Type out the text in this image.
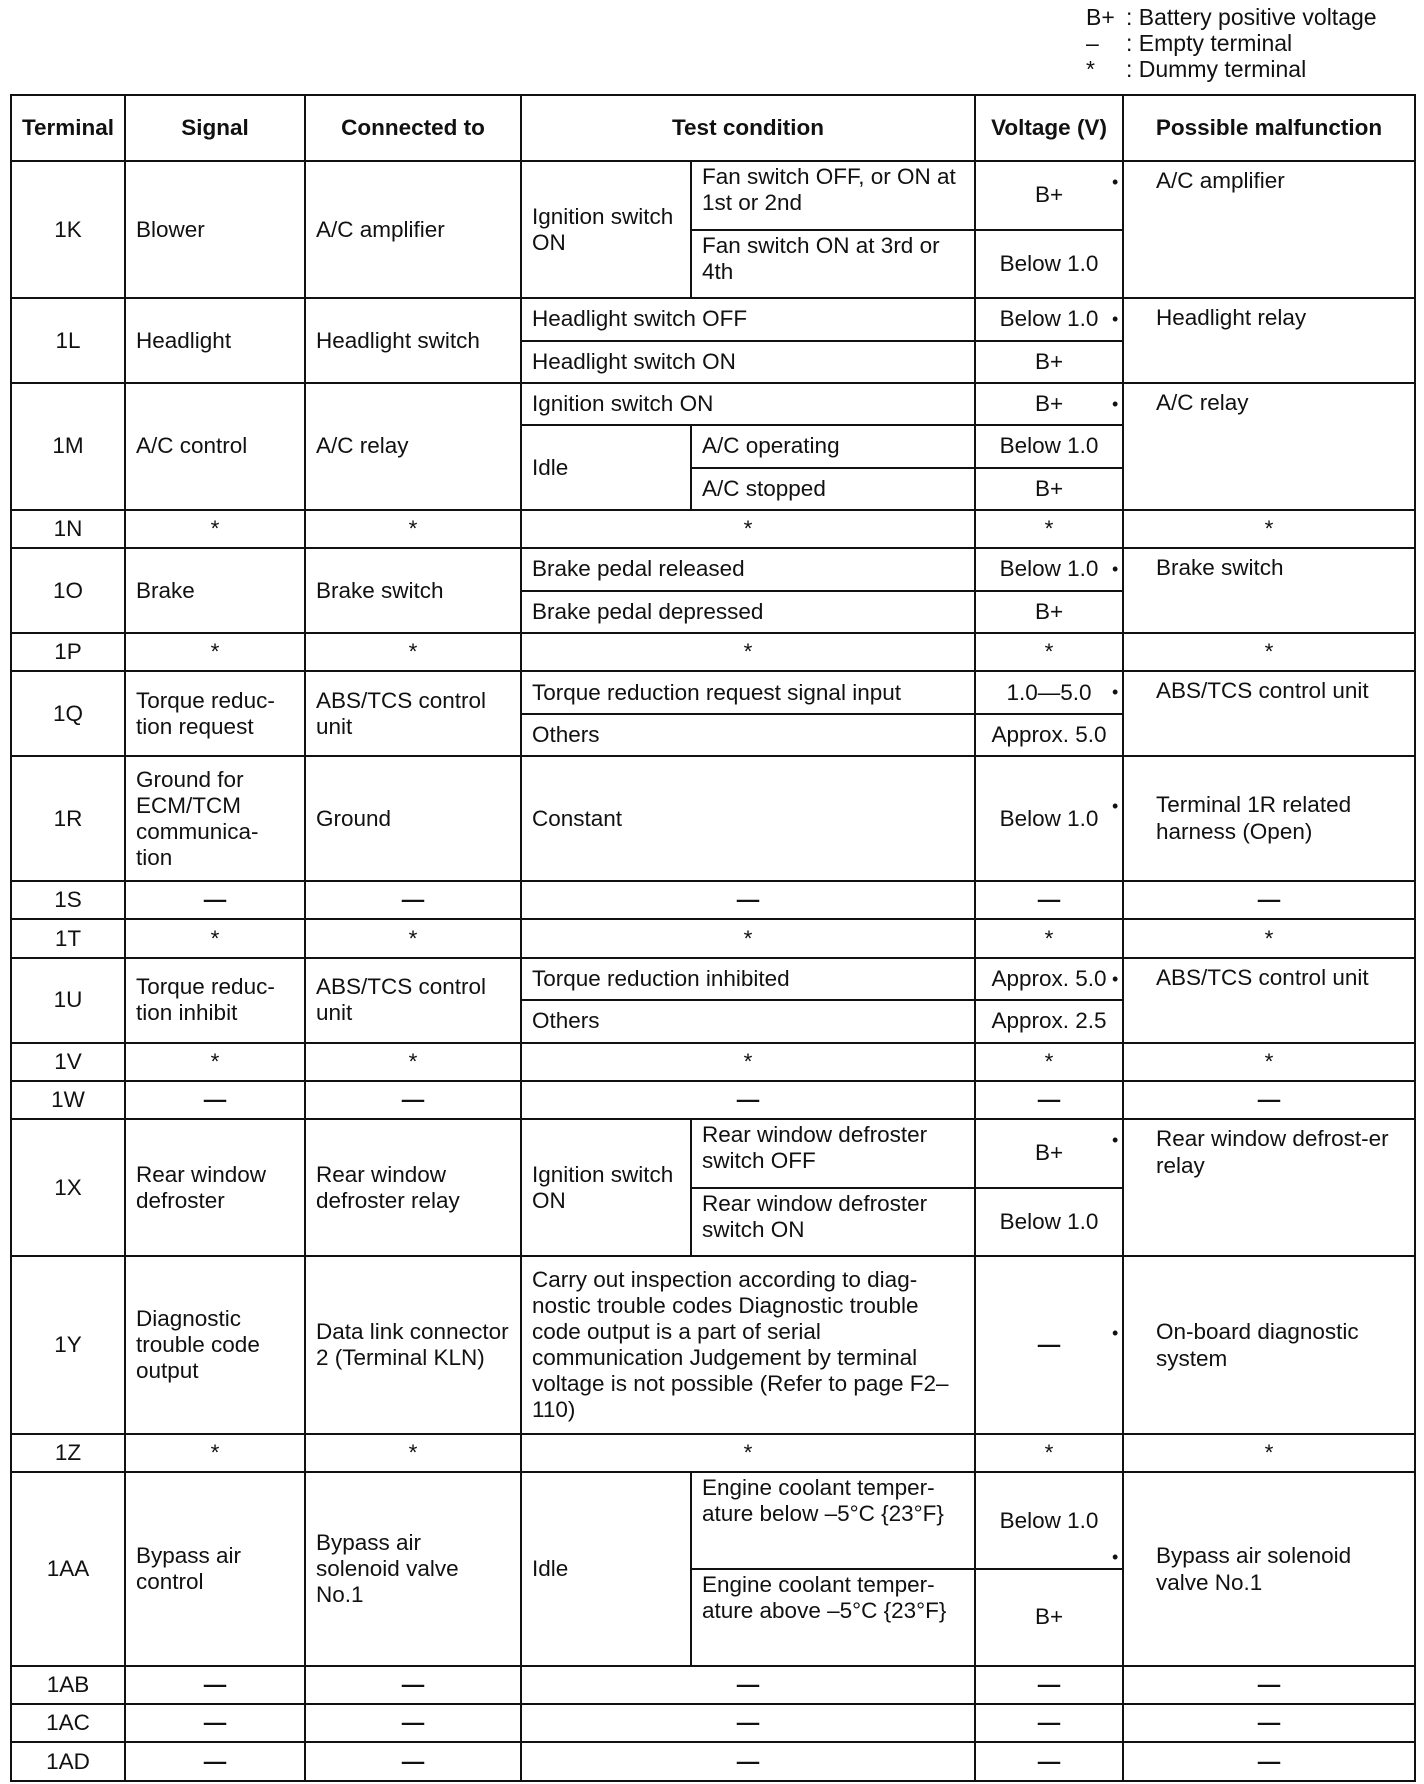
B+ : Battery positive voltage
–	: Empty terminal
*	: Dummy terminal
Terminal	Signal	Connected to	Test condition		Voltage (V)	Possible malfunction
1K	Blower	A/C amplifier	Ignition switch ON	Fan switch OFF, or ON at 1st or 2nd	B+	• A/C amplifier

				Fan switch ON at 3rd or 4th	Below 1.0	
1L	Headlight	Headlight switch	Headlight switch OFF		Below 1.0	• Headlight relay

			Headlight switch ON		B+	
1M	A/C control	A/C relay	Ignition switch ON		B+	• A/C relay

			Idle	A/C operating	Below 1.0	
				A/C stopped	B+	
1N	*	*	*		*	*
1O	Brake	Brake switch	Brake pedal released		Below 1.0	• Brake switch

			Brake pedal depressed		B+	
1P	*	*	*		*	*
1Q	Torque reduc-tion request	ABS/TCS control unit	Torque reduction request signal input		1.0—5.0	• ABS/TCS control unit

			Others		Approx. 5.0	
1R	Ground for ECM/TCM communica-tion	Ground	Constant		Below 1.0	• Terminal 1R related harness (Open)

1S	—	—	—		—	—
1T	*	*	*		*	*
1U	Torque reduc-tion inhibit	ABS/TCS control unit	Torque reduction inhibited		Approx. 5.0	• ABS/TCS control unit

			Others		Approx. 2.5	
1V	*	*	*		*	*
1W	—	—	—		—	—
1X	Rear window defroster	Rear window defroster relay	Ignition switch ON	Rear window defroster switch OFF	B+	• Rear window defrost-er relay

				Rear window defroster switch ON	Below 1.0	
1Y	Diagnostic trouble code output	Data link connector 2 (Terminal KLN)	Carry out inspection according to diag-nostic trouble codes Diagnostic trouble code output is a part of serial communication Judgement by terminal voltage is not possible (Refer to page F2–110)		—	• On-board diagnostic system

1Z	*	*	*		*	*
1AA	Bypass air control	Bypass air solenoid valve No.1	Idle	Engine coolant temper-ature below –5°C {23°F}	Below 1.0	• Bypass air solenoid valve No.1

				Engine coolant temper-ature above –5°C {23°F}	B+	
1AB	—	—	—		—	—
1AC	—	—	—		—	—
1AD	—	—	—		—	—
